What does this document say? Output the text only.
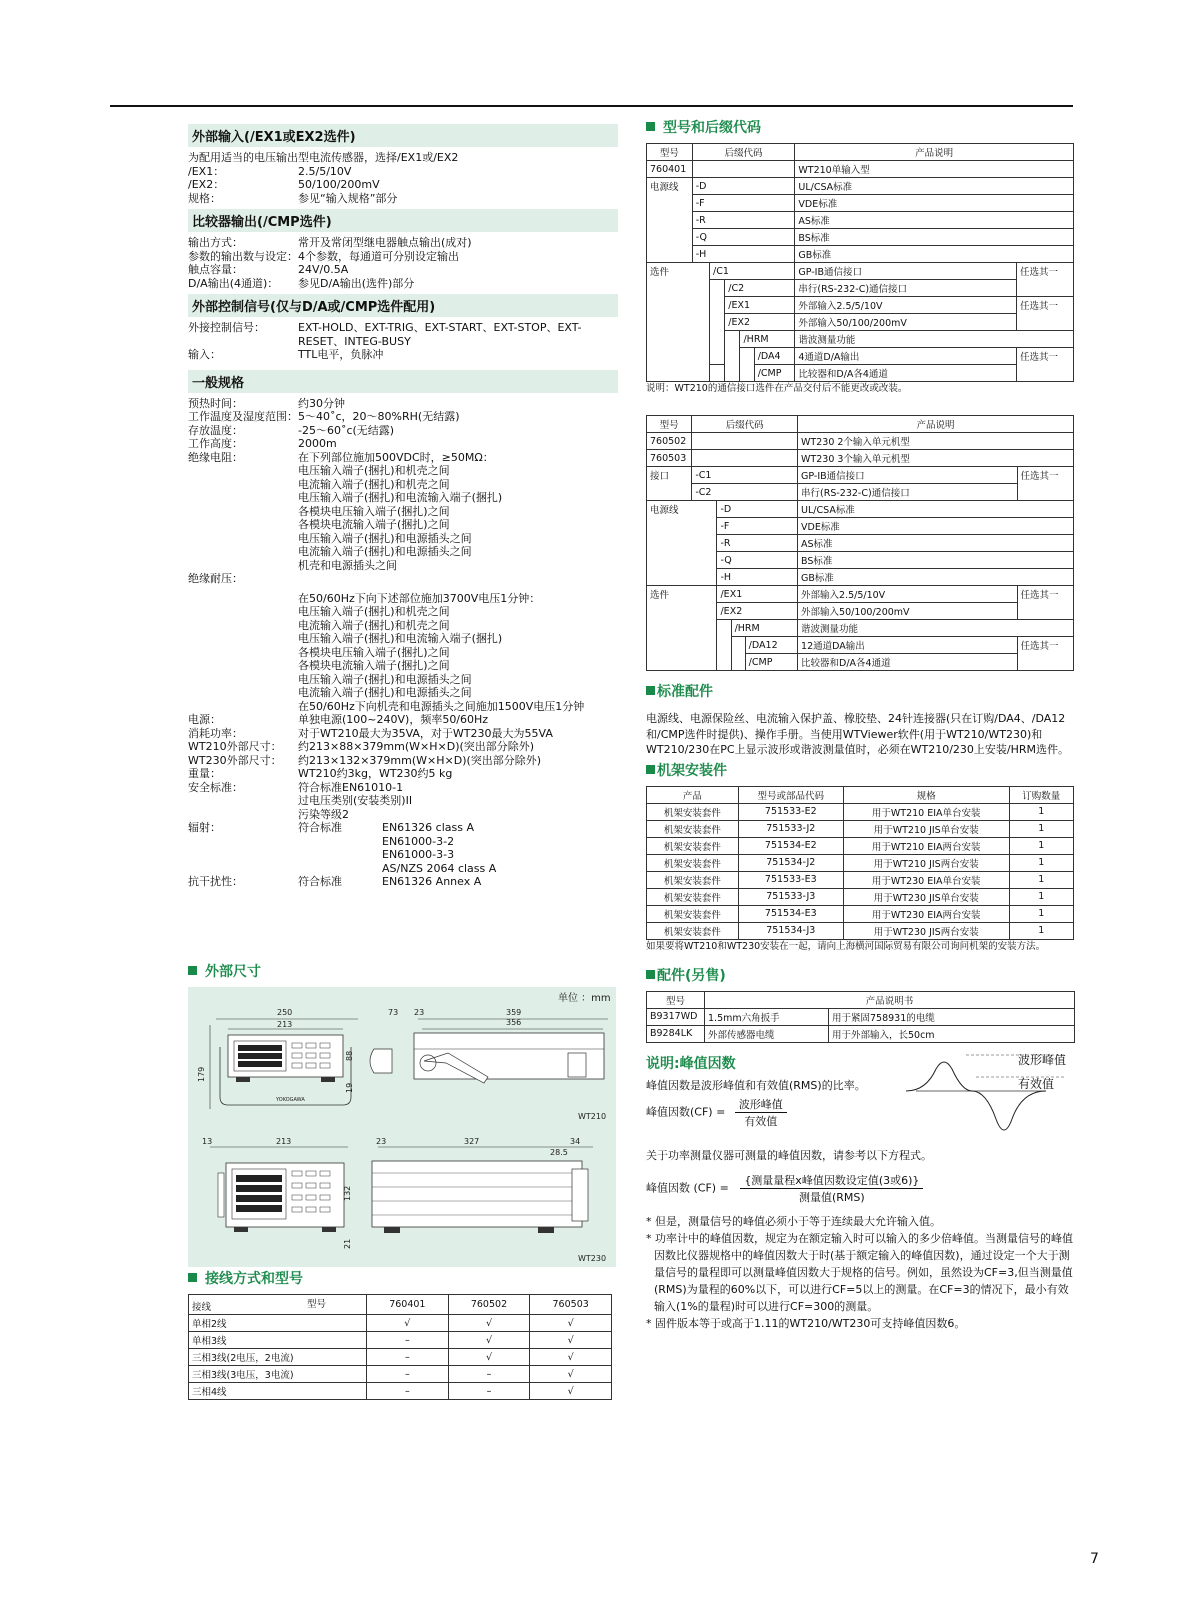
外部输入(/EX1或EX2选件)
为配用适当的电压输出型电流传感器，选择/EX1或/EX2
/EX1：	2.5/5/10V
/EX2：	50/100/200mV
规格：	参见“输入规格”部分
比较器输出(/CMP选件)
输出方式：	常开及常闭型继电器触点输出(成对)
参数的输出数与设定： 4个参数，每通道可分别设定输出
触点容量：	24V/0.5A
D/A输出(4通道)：	参见D/A输出(选件)部分
外部控制信号(仅与D/A或/CMP选件配用)
外接控制信号：	EXT-HOLD、EXT-TRIG、EXT-START、EXT-STOP、EXT-RESET、INTEG-BUSY
输入：	TTL电平，负脉冲
一般规格
预热时间：	约30分钟
工作温度及湿度范围： 5～40˚c，20～80%RH(无结露)
存放温度：	-25～60˚c(无结露)
工作高度：	2000m
绝缘电阻：	在下列部位施加500VDC时，≥50MΩ：
电压输入端子(捆扎)和机壳之间
电流输入端子(捆扎)和机壳之间
电压输入端子(捆扎)和电流输入端子(捆扎)
各模块电压输入端子(捆扎)之间
各模块电流输入端子(捆扎)之间
电压输入端子(捆扎)和电源插头之间
电流输入端子(捆扎)和电源插头之间
机壳和电源插头之间
绝缘耐压：
在50/60Hz下向下述部位施加3700V电压1分钟：
电压输入端子(捆扎)和机壳之间
电流输入端子(捆扎)和机壳之间
电压输入端子(捆扎)和电流输入端子(捆扎)
各模块电压输入端子(捆扎)之间
各模块电流输入端子(捆扎)之间
电压输入端子(捆扎)和电源插头之间
电流输入端子(捆扎)和电源插头之间
在50/60Hz下向机壳和电源插头之间施加1500V电压1分钟
电源：	单独电源(100~240V)，频率50/60Hz
消耗功率：	对于WT210最大为35VA，对于WT230最大为55VA
WT210外部尺寸：	约213×88×379mm(W×H×D)(突出部分除外)
WT230外部尺寸：	约213×132×379mm(W×H×D)(突出部分除外)
重量：	WT210约3kg，WT230约5 kg
安全标准：	符合标准EN61010-1
过电压类别(安装类别)II
污染等级2
辐射：	符合标准	EN61326 class A
EN61000-3-2
EN61000-3-3
AS/NZS 2064 class A
抗干扰性：	符合标准	EN61326 Annex A
外部尺寸
单位 ：mm
250
213
YOKOGAWA
179
88
19
73 23	359
356
WT210
13	213
132
21
23	327	34
28.5
WT230
接线方式和型号
型号
接线	760401	760502	760503
单相2线	√	√	√
单相3线	–	√	√
三相3线(2电压，2电流)	–	√	√
三相3线(3电压，3电流)	–	–	√
三相4线	–	–	√
型号和后缀代码
型号	后缀代码					产品说明	
760401						WT210单输入型	
电源线	-D					UL/CSA标准	
	-F					VDE标准	
	-R					AS标准	
	-Q					BS标准	
	-H					GB标准	
选件		/C1				GP-IB通信接口	任选其一
			/C2			串行(RS-232-C)通信接口	
			/EX1			外部输入2.5/5/10V	任选其一
			/EX2			外部输入50/100/200mV	
				/HRM		谐波测量功能	
					/DA4	4通道D/A输出	任选其一
					/CMP	比较器和D/A各4通道	
说明：WT210的通信接口选件在产品交付后不能更改或改装。
型号	后缀代码				产品说明	
760502					WT230 2个输入单元机型	
760503					WT230 3个输入单元机型	
接口	-C1				GP-IB通信接口	任选其一
	-C2				串行(RS-232-C)通信接口	
电源线		-D			UL/CSA标准	
		-F			VDE标准	
		-R			AS标准	
		-Q			BS标准	
		-H			GB标准	
选件		/EX1			外部输入2.5/5/10V	任选其一
		/EX2			外部输入50/100/200mV	
			/HRM		谐波测量功能	
				/DA12	12通道DA输出	任选其一
				/CMP	比较器和D/A各4通道	
标准配件
电源线、电源保险丝、电流输入保护盖、橡胶垫、24针连接器(只在订购/DA4、/DA12和/CMP选件时提供)、操作手册。当使用WTViewer软件(用于WT210/WT230)和WT210/230在PC上显示波形或谐波测量值时，必须在WT210/230上安装/HRM选件。
机架安装件
产品	型号或部品代码	规格	订购数量
机架安装套件	751533-E2	用于WT210 EIA单台安装	1
机架安装套件	751533-J2	用于WT210 JIS单台安装	1
机架安装套件	751534-E2	用于WT210 EIA两台安装	1
机架安装套件	751534-J2	用于WT210 JIS两台安装	1
机架安装套件	751533-E3	用于WT230 EIA单台安装	1
机架安装套件	751533-J3	用于WT230 JIS单台安装	1
机架安装套件	751534-E3	用于WT230 EIA两台安装	1
机架安装套件	751534-J3	用于WT230 JIS两台安装	1
如果要将WT210和WT230安装在一起，请向上海横河国际贸易有限公司询问机架的安装方法。
配件(另售)
型号	产品说明书	
B9317WD	1.5mm六角扳手	用于紧固758931的电缆
B9284LK	外部传感器电缆	用于外部输入，长50cm
说明:峰值因数	波形峰值
有效值
峰值因数是波形峰值和有效值(RMS)的比率。
峰值因数$(CF) = \frac{\text{波形峰值}}{\text{有效值}}$
关于功率测量仪器可测量的峰值因数，请参考以下方程式。
峰值因数 $(CF) = \frac{\text{\{测量量程x峰值因数设定值(3或6)\}}}{\text{测量值(RMS)}}$
* 但是，测量信号的峰值必须小于等于连续最大允许输入值。
* 功率计中的峰值因数，规定为在额定输入时可以输入的多少倍峰值。当测量信号的峰值因数比仪器规格中的峰值因数大于时(基于额定输入的峰值因数)，通过设定一个大于测量信号的量程即可以测量峰值因数大于规格的信号。例如，虽然设为CF=3,但当测量值(RMS)为量程的60%以下，可以进行CF=5以上的测量。在CF=3的情况下，最小有效输入(1%的量程)时可以进行CF=300的测量。
* 固件版本等于或高于1.11的WT210/WT230可支持峰值因数6。
7
